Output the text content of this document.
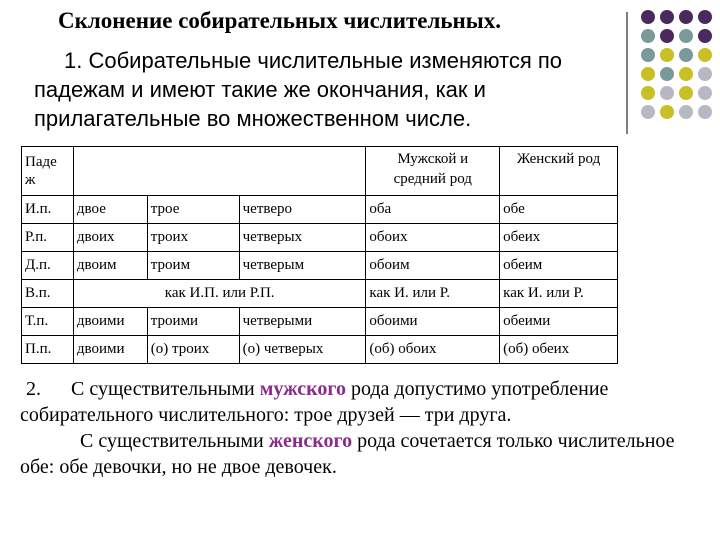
Склонение собирательных числительных.
1. Собирательные числительные изменяются по падежам и имеют такие же окончания, как и прилагательные во множественном числе.
Паде ж				Мужской и средний род	Женский род
И.п.	двое	трое	четверо	оба	обе
Р.п.	двоих	троих	четверых	обоих	обеих
Д.п.	двоим	троим	четверым	обоим	обеим
В.п.	как И.П. или Р.П.			как И. или Р.	как И. или Р.
Т.п.	двоими	троими	четверыми	обоими	обеими
П.п.	двоими	(о) троих	(о) четверых	(об) обоих	(об) обеих

2. С существительными мужского рода допустимо употребление собирательного числительного: трое друзей — три друга.

С существительными женского рода сочетается только числительное обе: обе девочки, но не двое девочек.
